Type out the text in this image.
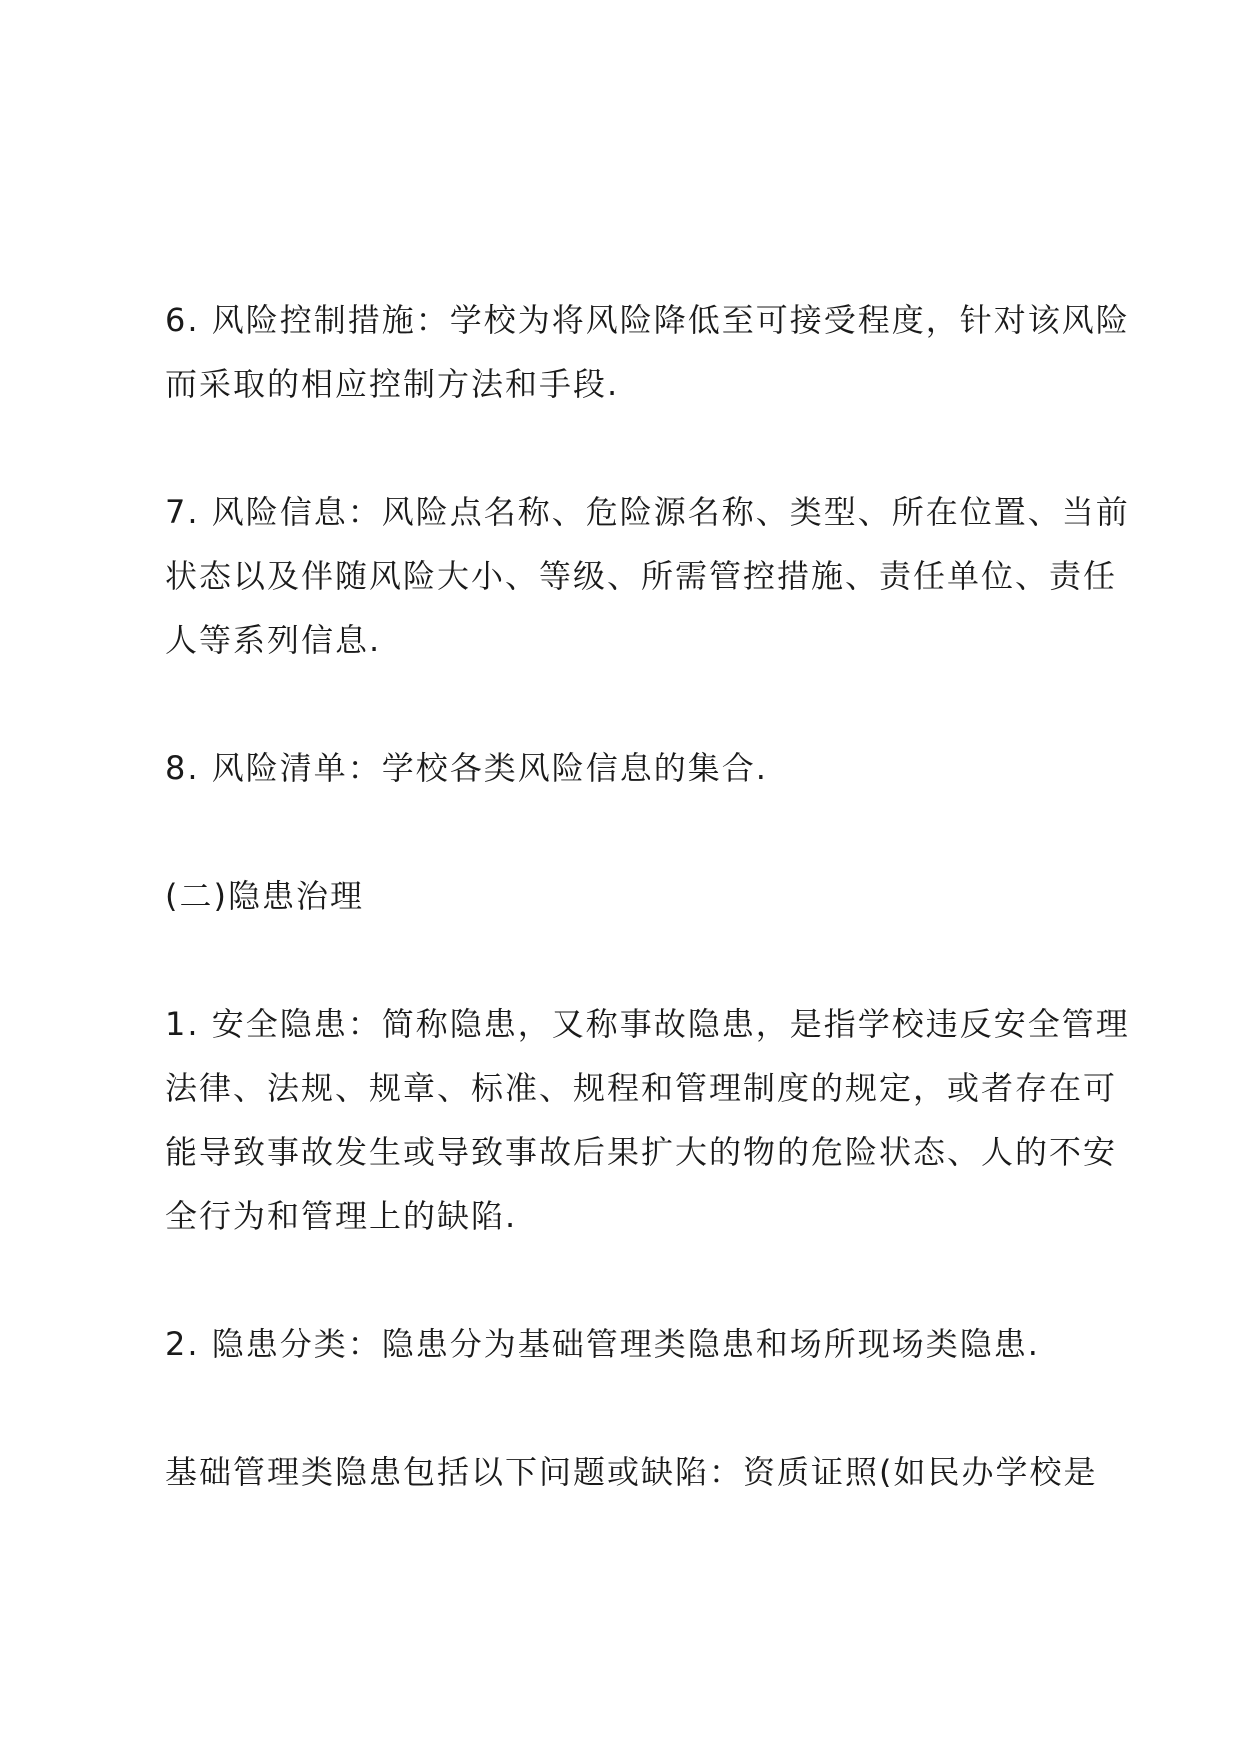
6. 风险控制措施：学校为将风险降低至可接受程度，针对该风险
而采取的相应控制方法和手段.
7. 风险信息：风险点名称、危险源名称、类型、所在位置、当前
状态以及伴随风险大小、等级、所需管控措施、责任单位、责任
人等系列信息.
8. 风险清单：学校各类风险信息的集合.
(二)隐患治理
1. 安全隐患：简称隐患，又称事故隐患，是指学校违反安全管理
法律、法规、规章、标准、规程和管理制度的规定，或者存在可
能导致事故发生或导致事故后果扩大的物的危险状态、人的不安
全行为和管理上的缺陷.
2. 隐患分类：隐患分为基础管理类隐患和场所现场类隐患.
基础管理类隐患包括以下问题或缺陷：资质证照(如民办学校是
